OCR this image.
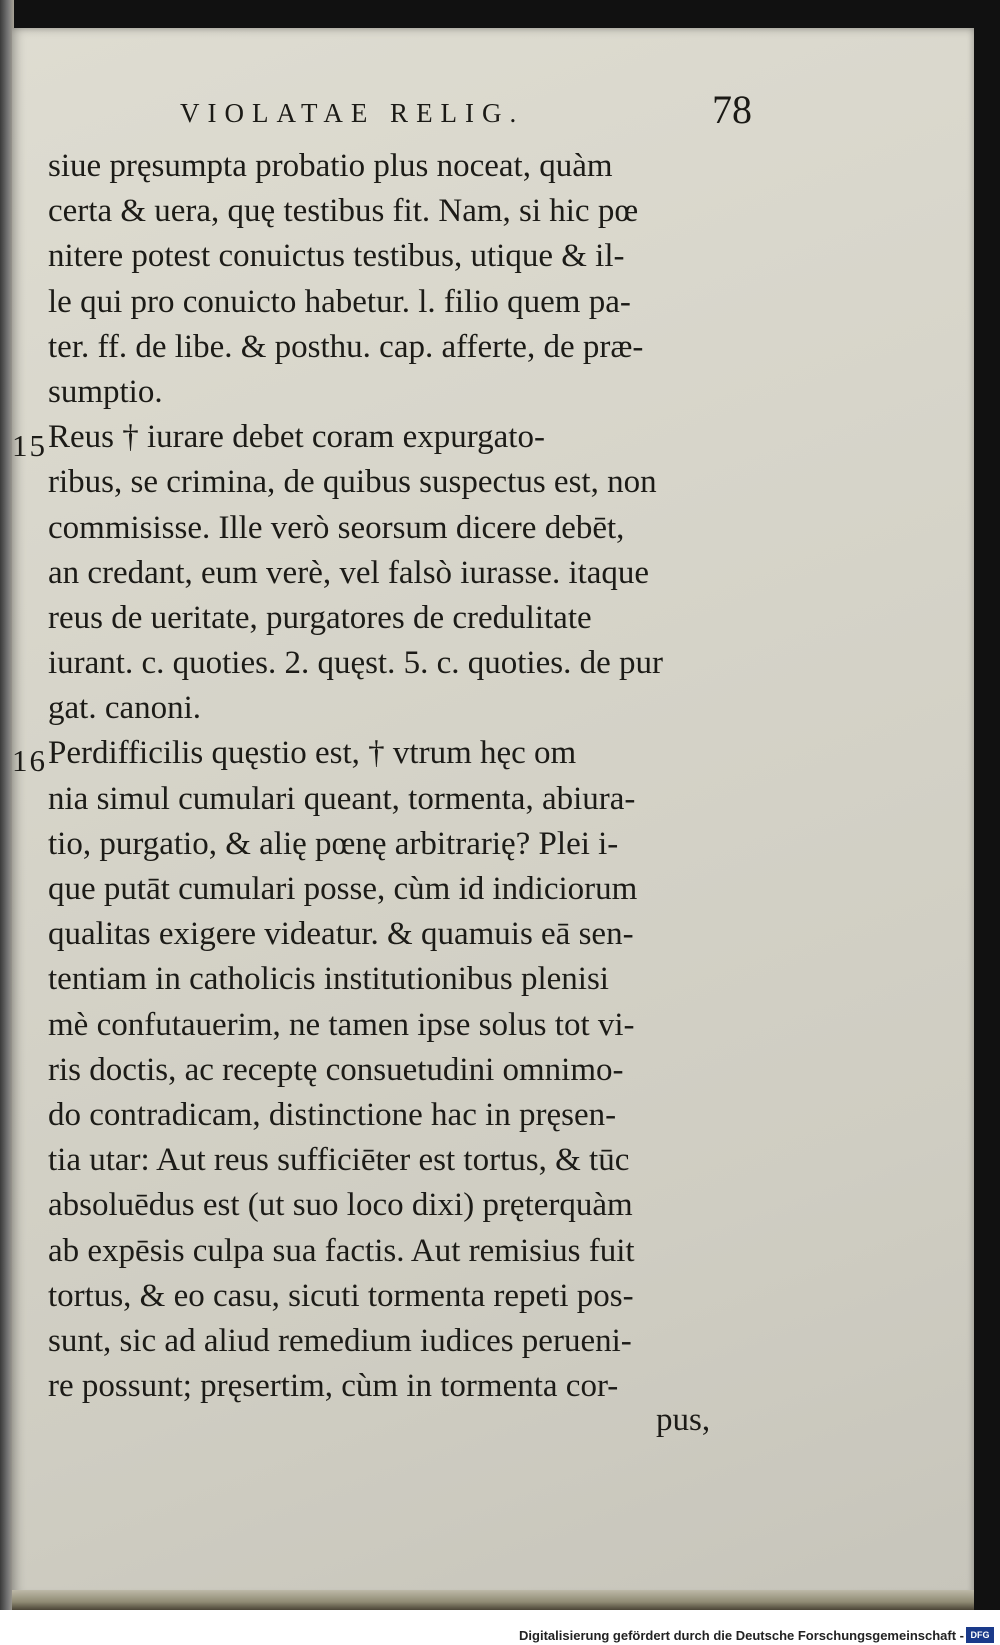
VIOLATAE RELIG.	78
siue pręsumpta probatio plus noceat, quàm
certa & uera, quę testibus fit. Nam, si hic pœ
nitere potest conuictus testibus, utique & il-
le qui pro conuicto habetur. l. filio quem pa-
ter. ff. de libe. & posthu. cap. afferte, de præ-
sumptio.
Reus † iurare debet coram expurgato-
ribus, se crimina, de quibus suspectus est, non
commisisse. Ille verò seorsum dicere debēt,
an credant, eum verè, vel falsò iurasse. itaque
reus de ueritate, purgatores de credulitate
iurant. c. quoties. 2. quęst. 5. c. quoties. de pur
gat. canoni.
Perdifficilis quęstio est, † vtrum hęc om
nia simul cumulari queant, tormenta, abiura-
tio, purgatio, & alię pœnę arbitrarię? Plei i-
que putāt cumulari posse, cùm id indiciorum
qualitas exigere videatur. & quamuis eā sen-
tentiam in catholicis institutionibus plenisi
mè confutauerim, ne tamen ipse solus tot vi-
ris doctis, ac receptę consuetudini omnimo-
do contradicam, distinctione hac in pręsen-
tia utar: Aut reus sufficiēter est tortus, & tūc
absoluēdus est (ut suo loco dixi) pręterquàm
ab expēsis culpa sua factis. Aut remisius fuit
tortus, & eo casu, sicuti tormenta repeti pos-
sunt, sic ad aliud remedium iudices perueni-
re possunt; pręsertim, cùm in tormenta cor-
15
16
pus,
Digitalisierung gefördert durch die Deutsche Forschungsgemeinschaft - DFG
